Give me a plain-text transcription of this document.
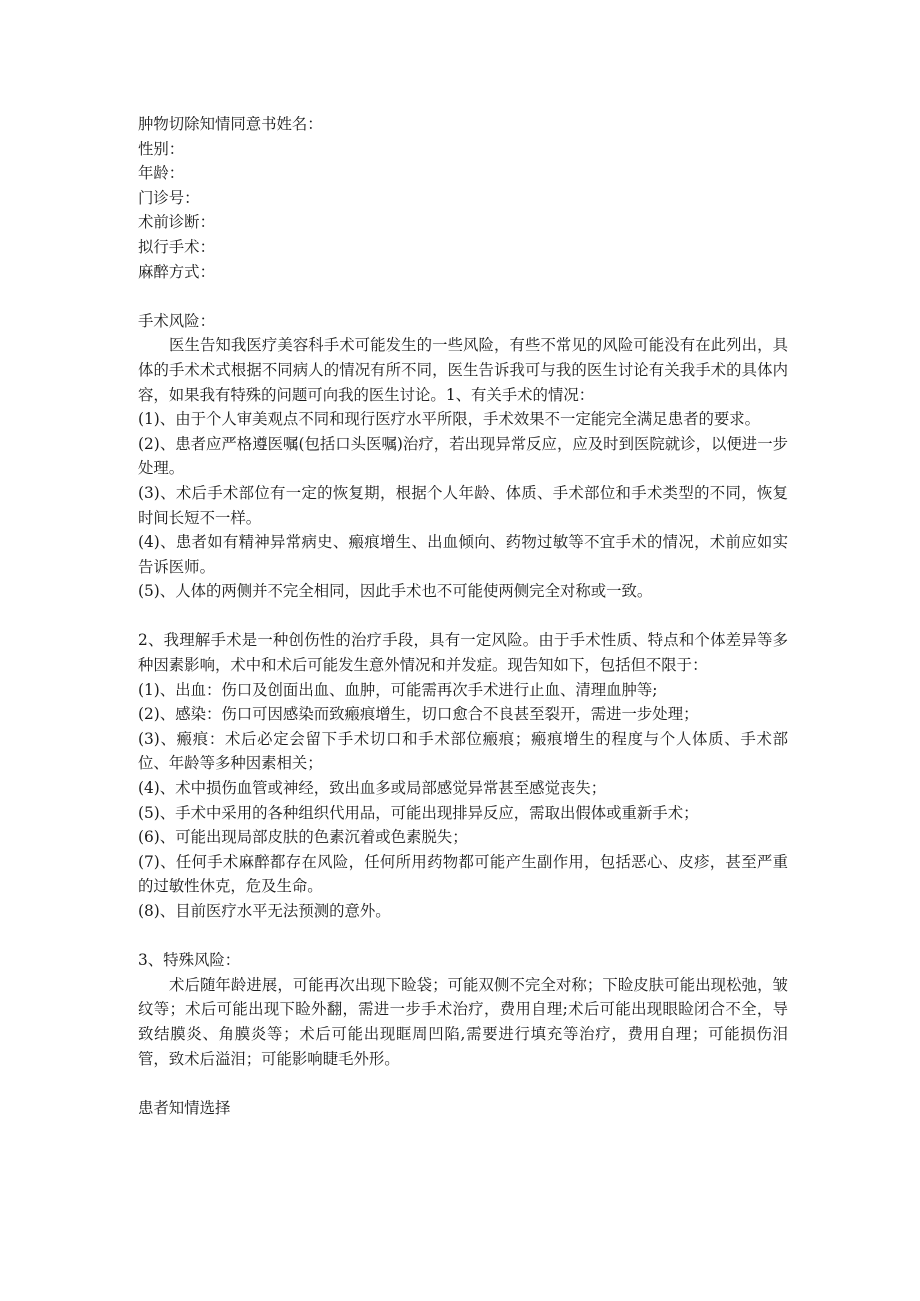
肿物切除知情同意书姓名：

性别：

年龄：

门诊号：

术前诊断：

拟行手术：

麻醉方式：

手术风险：

医生告知我医疗美容科手术可能发生的一些风险，有些不常见的风险可能没有在此列出，具体的手术术式根据不同病人的情况有所不同，医生告诉我可与我的医生讨论有关我手术的具体内容，如果我有特殊的问题可向我的医生讨论。1、有关手术的情况：

(1)、由于个人审美观点不同和现行医疗水平所限，手术效果不一定能完全满足患者的要求。

(2)、患者应严格遵医嘱(包括口头医嘱)治疗，若出现异常反应，应及时到医院就诊，以便进一步处理。

(3)、术后手术部位有一定的恢复期，根据个人年龄、体质、手术部位和手术类型的不同，恢复时间长短不一样。

(4)、患者如有精神异常病史、瘢痕增生、出血倾向、药物过敏等不宜手术的情况，术前应如实告诉医师。

(5)、人体的两侧并不完全相同，因此手术也不可能使两侧完全对称或一致。

2、我理解手术是一种创伤性的治疗手段，具有一定风险。由于手术性质、特点和个体差异等多种因素影响，术中和术后可能发生意外情况和并发症。现告知如下，包括但不限于：

(1)、出血：伤口及创面出血、血肿，可能需再次手术进行止血、清理血肿等;

(2)、感染：伤口可因感染而致瘢痕增生，切口愈合不良甚至裂开，需进一步处理；

(3)、瘢痕：术后必定会留下手术切口和手术部位瘢痕；瘢痕增生的程度与个人体质、手术部位、年龄等多种因素相关；

(4)、术中损伤血管或神经，致出血多或局部感觉异常甚至感觉丧失；

(5)、手术中采用的各种组织代用品，可能出现排异反应，需取出假体或重新手术；

(6)、可能出现局部皮肤的色素沉着或色素脱失；

(7)、任何手术麻醉都存在风险，任何所用药物都可能产生副作用，包括恶心、皮疹，甚至严重的过敏性休克，危及生命。

(8)、目前医疗水平无法预测的意外。

3、特殊风险：

术后随年龄进展，可能再次出现下睑袋；可能双侧不完全对称；下睑皮肤可能出现松弛，皱纹等；术后可能出现下睑外翻，需进一步手术治疗，费用自理;术后可能出现眼睑闭合不全，导致结膜炎、角膜炎等；术后可能出现眶周凹陷,需要进行填充等治疗，费用自理；可能损伤泪管，致术后溢泪；可能影响睫毛外形。

患者知情选择
